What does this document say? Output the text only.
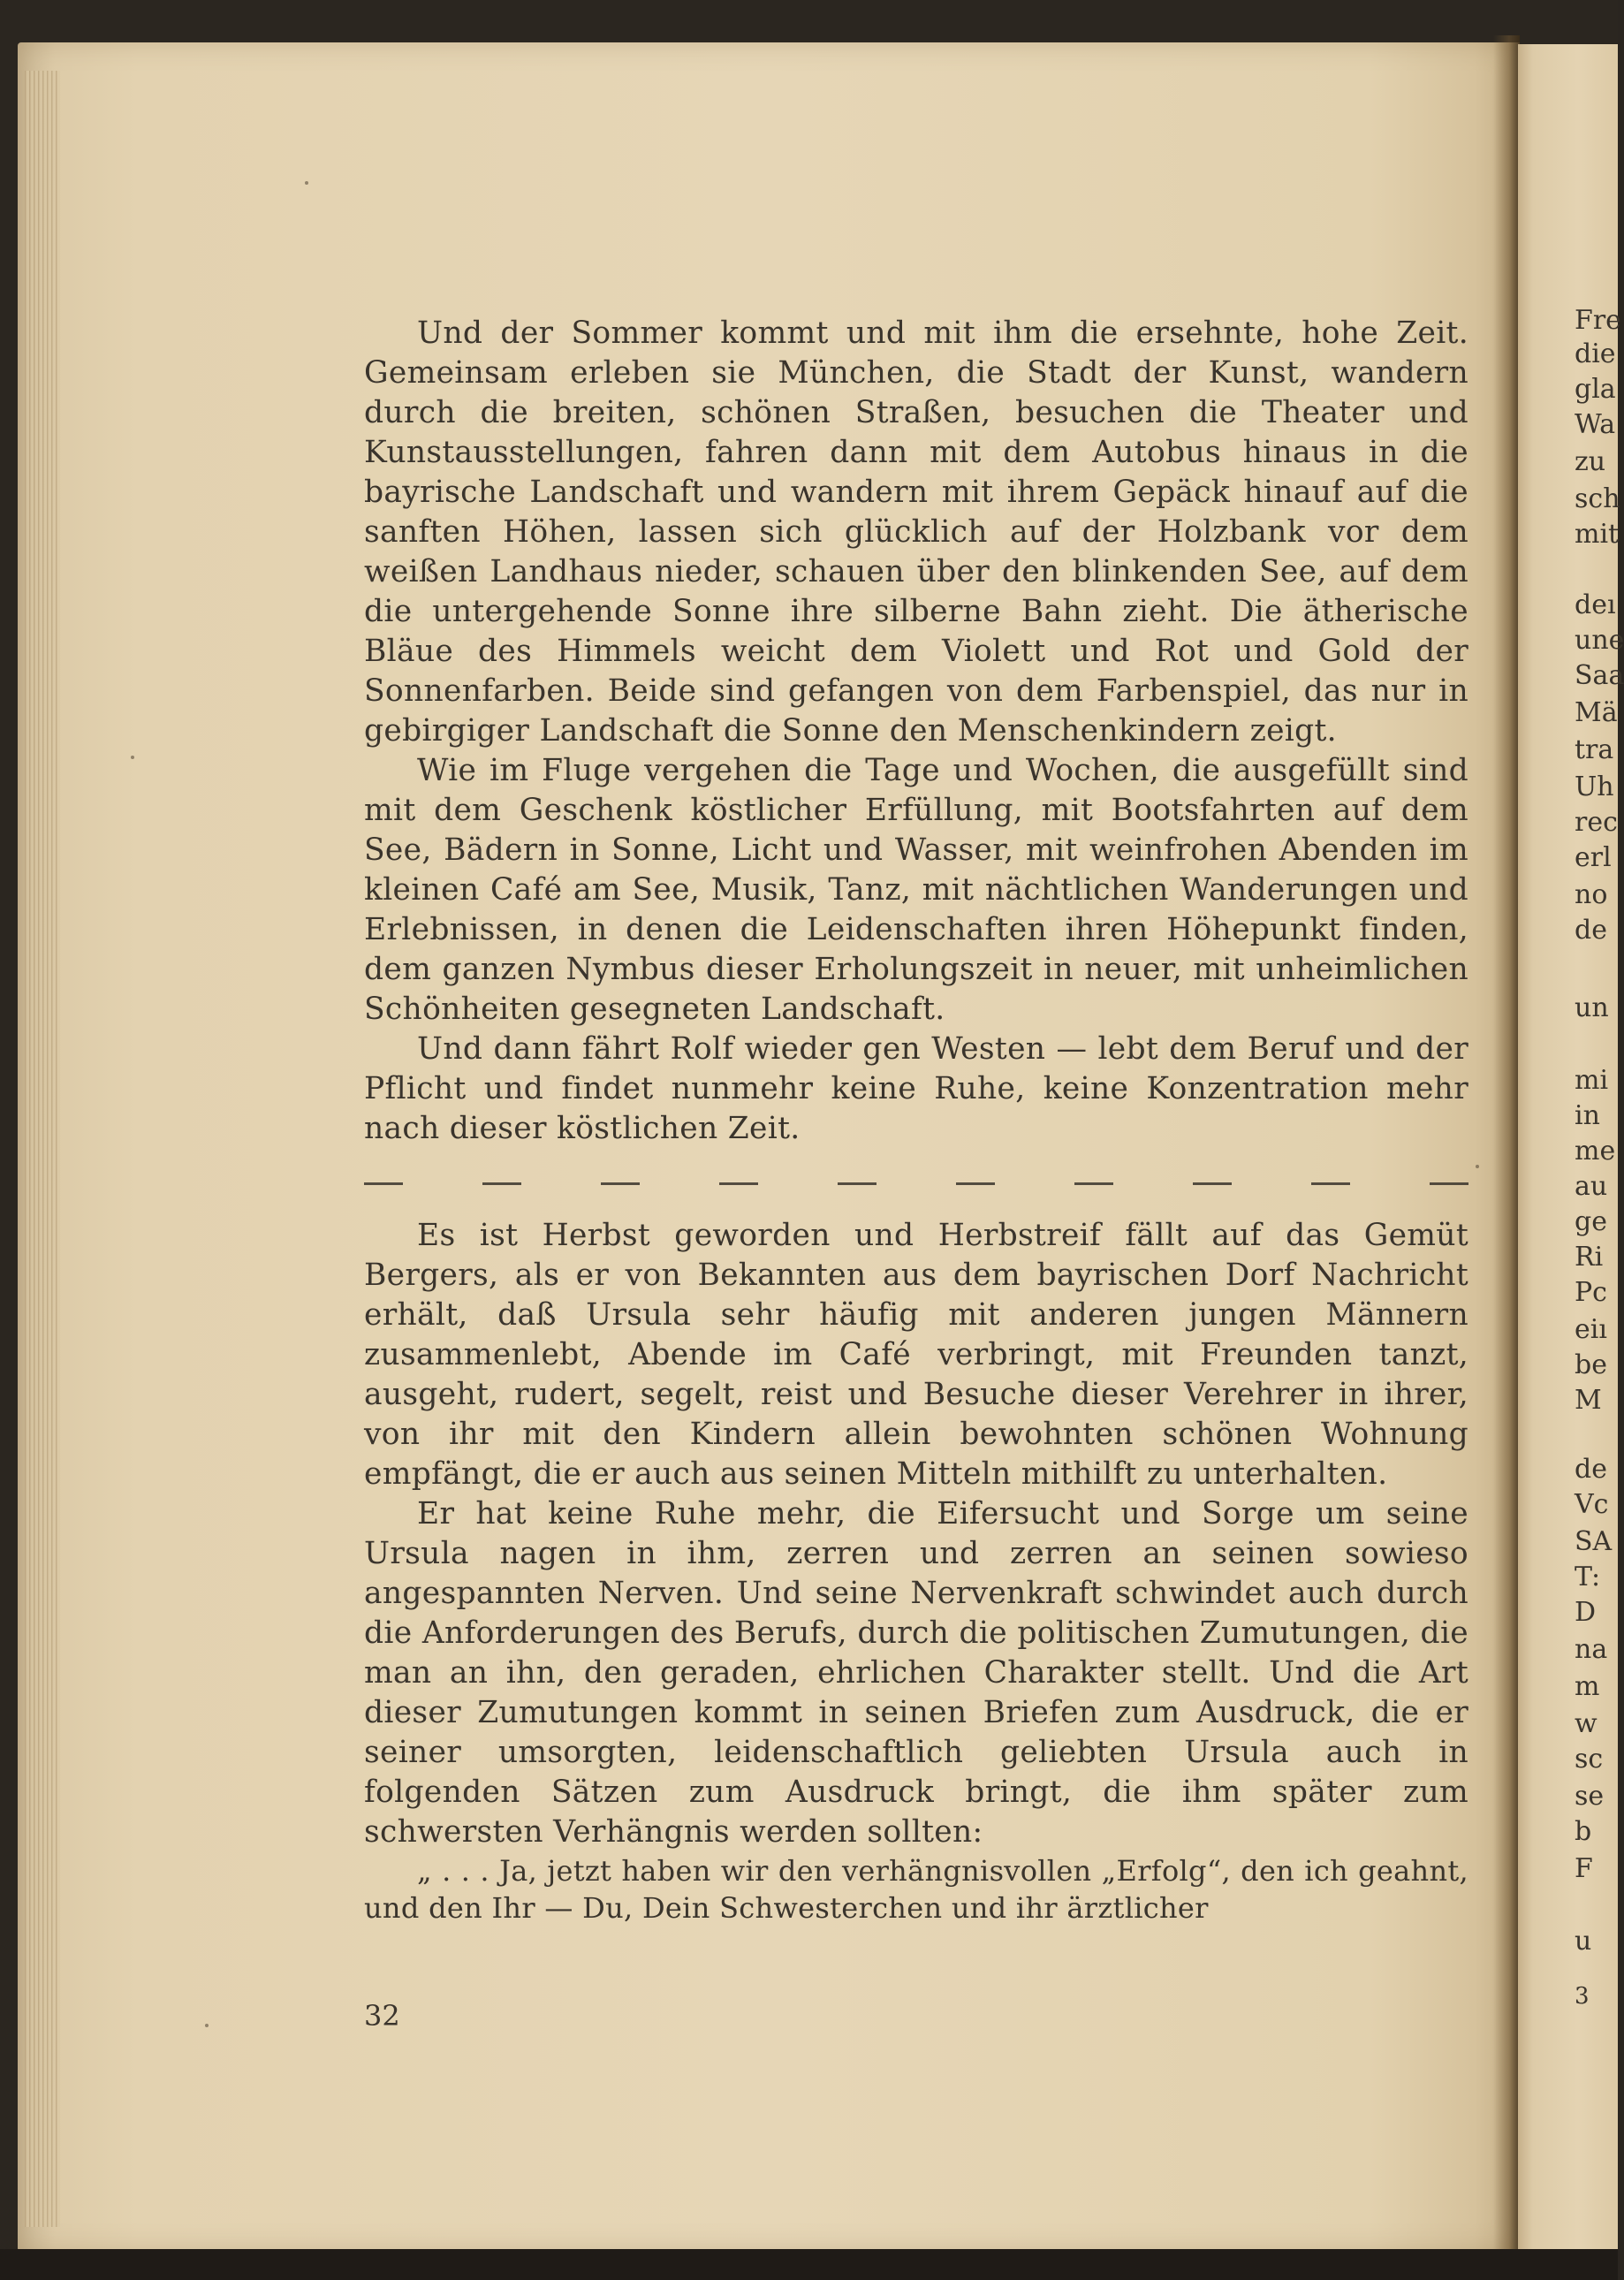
Und der Sommer kommt und mit ihm die ersehnte, hohe Zeit. Gemeinsam erleben sie München, die Stadt der Kunst, wandern durch die breiten, schönen Straßen, besuchen die Theater und Kunstausstellungen, fahren dann mit dem Autobus hinaus in die bayrische Landschaft und wandern mit ihrem Gepäck hinauf auf die sanften Höhen, lassen sich glücklich auf der Holzbank vor dem weißen Landhaus nieder, schauen über den blinkenden See, auf dem die untergehende Sonne ihre silberne Bahn zieht. Die ätherische Bläue des Himmels weicht dem Violett und Rot und Gold der Sonnenfarben. Beide sind gefangen von dem Farbenspiel, das nur in gebirgiger Landschaft die Sonne den Menschenkindern zeigt.

Wie im Fluge vergehen die Tage und Wochen, die ausgefüllt sind mit dem Geschenk köstlicher Erfüllung, mit Bootsfahrten auf dem See, Bädern in Sonne, Licht und Wasser, mit weinfrohen Abenden im kleinen Café am See, Musik, Tanz, mit nächtlichen Wanderungen und Erlebnissen, in denen die Leidenschaften ihren Höhepunkt finden, dem ganzen Nymbus dieser Erholungszeit in neuer, mit unheimlichen Schönheiten gesegneten Landschaft.

Und dann fährt Rolf wieder gen Westen — lebt dem Beruf und der Pflicht und findet nunmehr keine Ruhe, keine Konzentration mehr nach dieser köstlichen Zeit.

Es ist Herbst geworden und Herbstreif fällt auf das Gemüt Bergers, als er von Bekannten aus dem bayrischen Dorf Nachricht erhält, daß Ursula sehr häufig mit anderen jungen Männern zusammenlebt, Abende im Café verbringt, mit Freunden tanzt, ausgeht, rudert, segelt, reist und Besuche dieser Verehrer in ihrer, von ihr mit den Kindern allein bewohnten schönen Wohnung empfängt, die er auch aus seinen Mitteln mithilft zu unterhalten.

Er hat keine Ruhe mehr, die Eifersucht und Sorge um seine Ursula nagen in ihm, zerren und zerren an seinen sowieso angespannten Nerven. Und seine Nervenkraft schwindet auch durch die Anforderungen des Berufs, durch die politischen Zumutungen, die man an ihn, den geraden, ehrlichen Charakter stellt. Und die Art dieser Zumutungen kommt in seinen Briefen zum Ausdruck, die er seiner umsorgten, leidenschaftlich geliebten Ursula auch in folgenden Sätzen zum Ausdruck bringt, die ihm später zum schwersten Verhängnis werden sollten:

„ . . . Ja, jetzt haben wir den verhängnisvollen „Erfolg“, den ich geahnt, und den Ihr — Du, Dein Schwesterchen und ihr ärztlicher

32
Fre
die
gla
Wa
zu
sch
mit
deı
une
Saa
Mä
tra
Uh
rec
erl
no
de
un
mi
in
me
au
ge
Ri
Pc
eiı
be
M
de
Vc
SA
T:
D
na
m
w
sc
se
b
F
u
3
